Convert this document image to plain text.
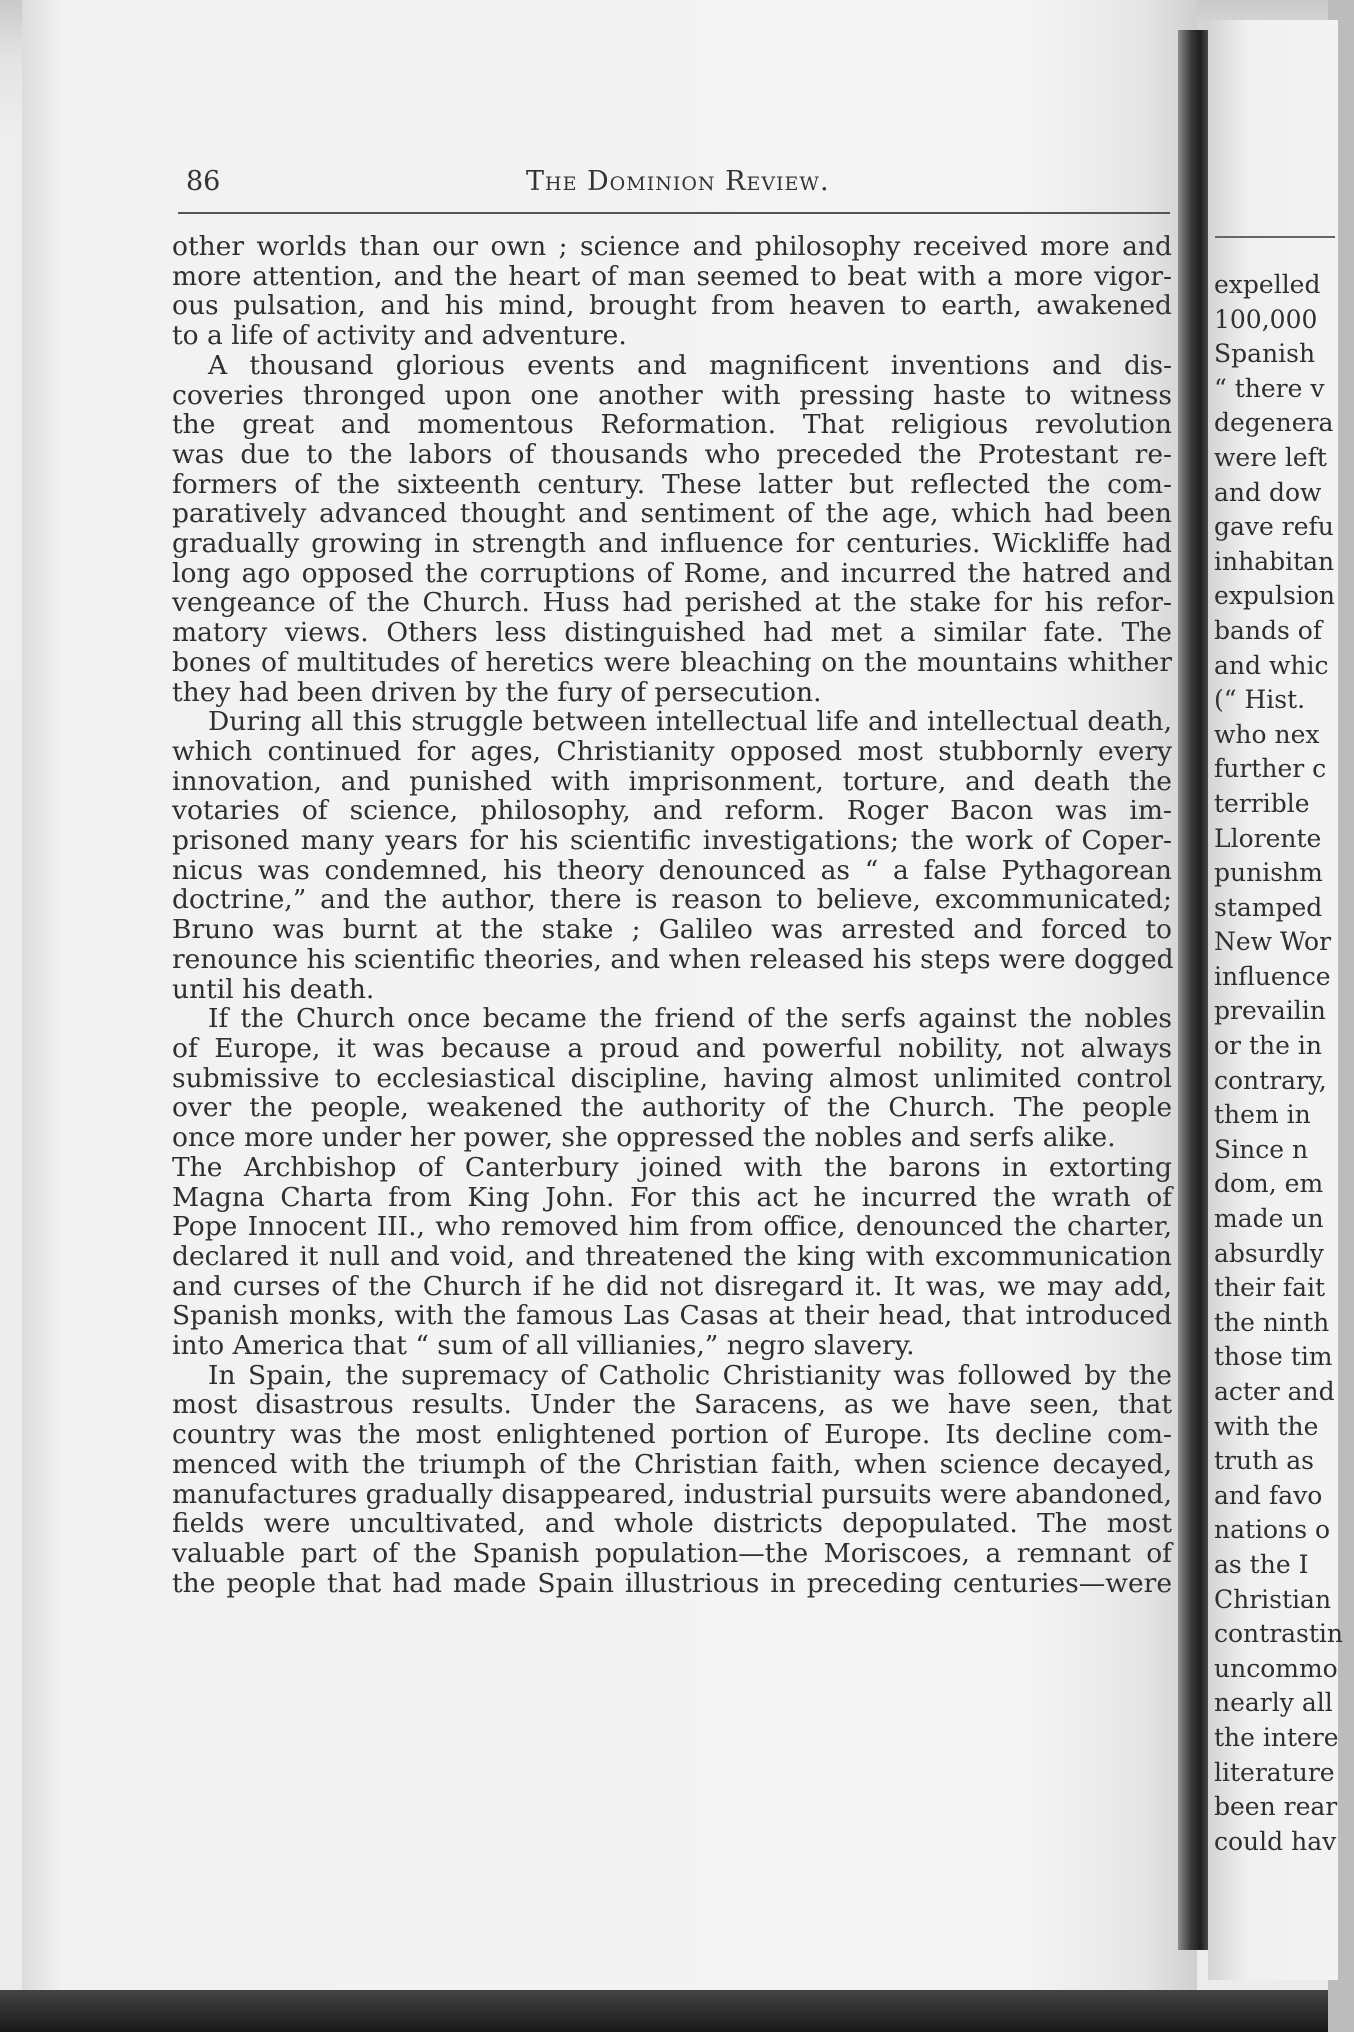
86	The Dominion Review.
other worlds than our own ; science and philosophy received more and
more attention, and the heart of man seemed to beat with a more vigor-
ous pulsation, and his mind, brought from heaven to earth, awakened
to a life of activity and adventure.
A thousand glorious events and magnificent inventions and dis-
coveries thronged upon one another with pressing haste to witness
the great and momentous Reformation. That religious revolution
was due to the labors of thousands who preceded the Protestant re-
formers of the sixteenth century. These latter but reflected the com-
paratively advanced thought and sentiment of the age, which had been
gradually growing in strength and influence for centuries. Wickliffe had
long ago opposed the corruptions of Rome, and incurred the hatred and
vengeance of the Church. Huss had perished at the stake for his refor-
matory views. Others less distinguished had met a similar fate. The
bones of multitudes of heretics were bleaching on the mountains whither
they had been driven by the fury of persecution.
During all this struggle between intellectual life and intellectual death,
which continued for ages, Christianity opposed most stubbornly every
innovation, and punished with imprisonment, torture, and death the
votaries of science, philosophy, and reform. Roger Bacon was im-
prisoned many years for his scientific investigations; the work of Coper-
nicus was condemned, his theory denounced as “ a false Pythagorean
doctrine,” and the author, there is reason to believe, excommunicated;
Bruno was burnt at the stake ; Galileo was arrested and forced to
renounce his scientific theories, and when released his steps were dogged
until his death.
If the Church once became the friend of the serfs against the nobles
of Europe, it was because a proud and powerful nobility, not always
submissive to ecclesiastical discipline, having almost unlimited control
over the people, weakened the authority of the Church. The people
once more under her power, she oppressed the nobles and serfs alike.
The Archbishop of Canterbury joined with the barons in extorting
Magna Charta from King John. For this act he incurred the wrath of
Pope Innocent III., who removed him from office, denounced the charter,
declared it null and void, and threatened the king with excommunication
and curses of the Church if he did not disregard it. It was, we may add,
Spanish monks, with the famous Las Casas at their head, that introduced
into America that “ sum of all villianies,” negro slavery.
In Spain, the supremacy of Catholic Christianity was followed by the
most disastrous results. Under the Saracens, as we have seen, that
country was the most enlightened portion of Europe. Its decline com-
menced with the triumph of the Christian faith, when science decayed,
manufactures gradually disappeared, industrial pursuits were abandoned,
fields were uncultivated, and whole districts depopulated. The most
valuable part of the Spanish population—the Moriscoes, a remnant of
the people that had made Spain illustrious in preceding centuries—were
expelled
100,000
Spanish
“ there v
degenera
were left
and dow
gave refu
inhabitan
expulsion
bands of
and whic
(“ Hist.
who nex
further c
terrible
Llorente
punishm
stamped
New Wor
influence
prevailin
or the in
contrary,
them in
Since n
dom, em
made un
absurdly
their fait
the ninth
those tim
acter and
with the
truth as
and favo
nations o
as the I
Christian
contrastin
uncommo
nearly all
the intere
literature
been rear
could hav
